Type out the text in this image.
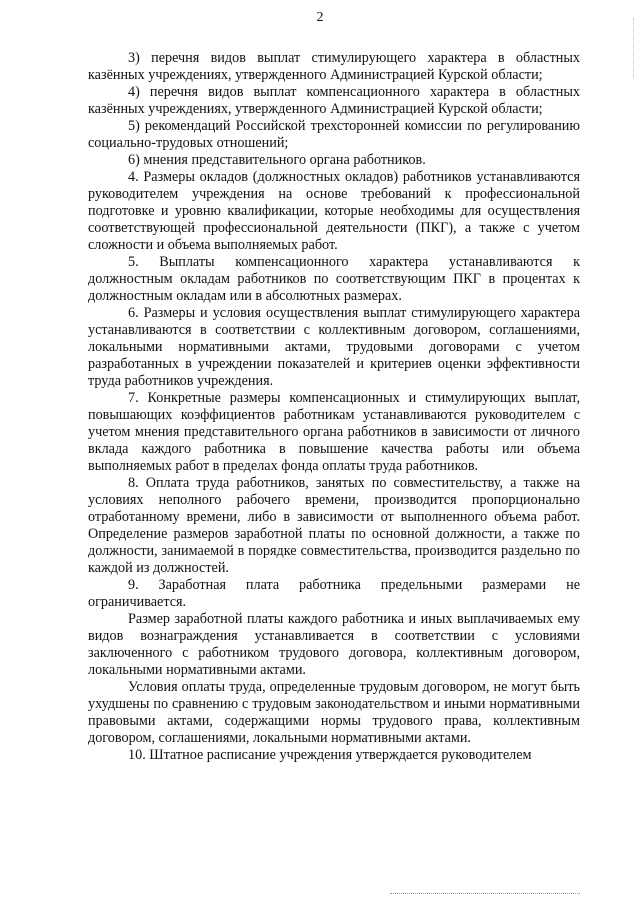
2

3) перечня видов выплат стимулирующего характера в областных казённых учреждениях, утвержденного Администрацией Курской области;

4) перечня видов выплат компенсационного характера в областных казённых учреждениях, утвержденного Администрацией Курской области;

5) рекомендаций Российской трехсторонней комиссии по регулированию социально-трудовых отношений;

6) мнения представительного органа работников.

4. Размеры окладов (должностных окладов) работников устанавливаются руководителем учреждения на основе требований к профессиональной подготовке и уровню квалификации, которые необходимы для осуществления соответствующей профессиональной деятельности (ПКГ), а также с учетом сложности и объема выполняемых работ.

5. Выплаты компенсационного характера устанавливаются к должностным окладам работников по соответствующим ПКГ в процентах к должностным окладам или в абсолютных размерах.

6. Размеры и условия осуществления выплат стимулирующего характера устанавливаются в соответствии с коллективным договором, соглашениями, локальными нормативными актами, трудовыми договорами с учетом разработанных в учреждении показателей и критериев оценки эффективности труда работников учреждения.

7. Конкретные размеры компенсационных и стимулирующих выплат, повышающих коэффициентов работникам устанавливаются руководителем с учетом мнения представительного органа работников в зависимости от личного вклада каждого работника в повышение качества работы или объема выполняемых работ в пределах фонда оплаты труда работников.

8. Оплата труда работников, занятых по совместительству, а также на условиях неполного рабочего времени, производится пропорционально отработанному времени, либо в зависимости от выполненного объема работ. Определение размеров заработной платы по основной должности, а также по должности, занимаемой в порядке совместительства, производится раздельно по каждой из должностей.

9. Заработная плата работника предельными размерами не ограничивается.

Размер заработной платы каждого работника и иных выплачиваемых ему видов вознаграждения устанавливается в соответствии с условиями заключенного с работником трудового договора, коллективным договором, локальными нормативными актами.

Условия оплаты труда, определенные трудовым договором, не могут быть ухудшены по сравнению с трудовым законодательством и иными нормативными правовыми актами, содержащими нормы трудового права, коллективным договором, соглашениями, локальными нормативными актами.

10. Штатное расписание учреждения утверждается руководителем
